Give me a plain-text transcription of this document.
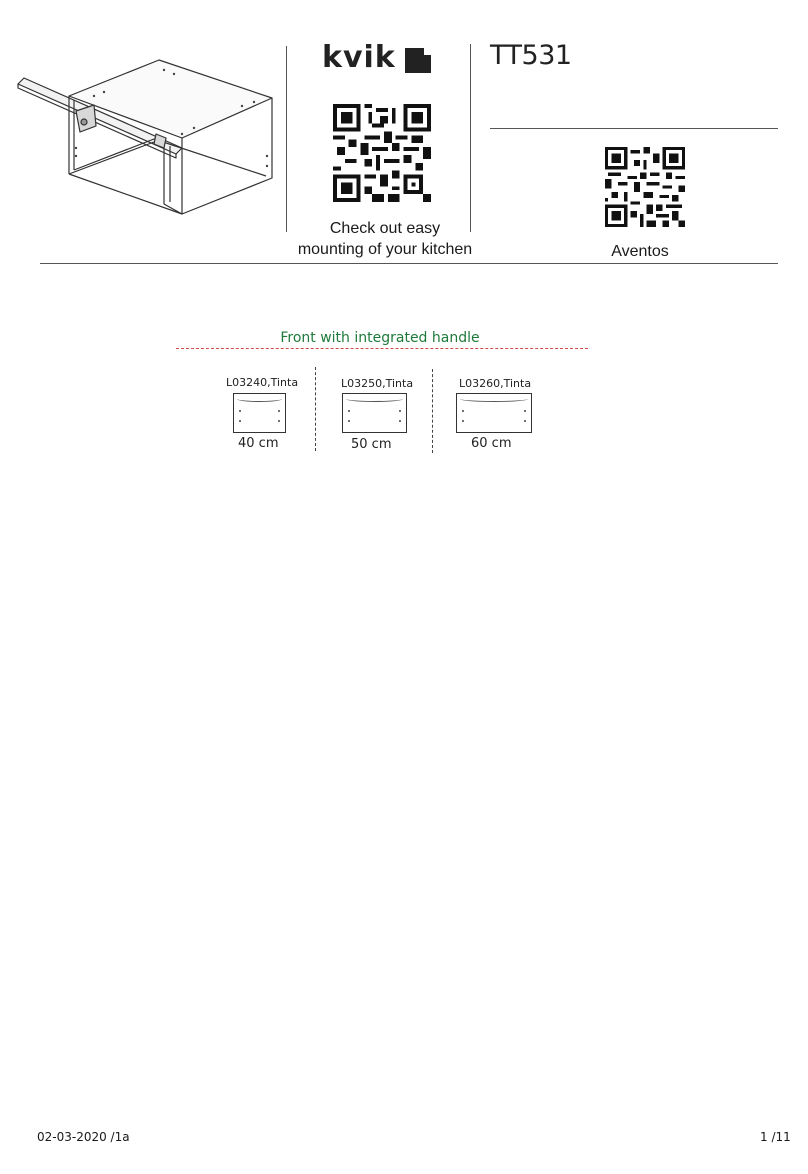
kvik	TT531
Check out easy
mounting of your kitchen	Aventos
Front with integrated handle
L03240,Tinta
40 cm
L03250,Tinta
50 cm
L03260,Tinta
60 cm
02-03-2020 /1a	1 /11
